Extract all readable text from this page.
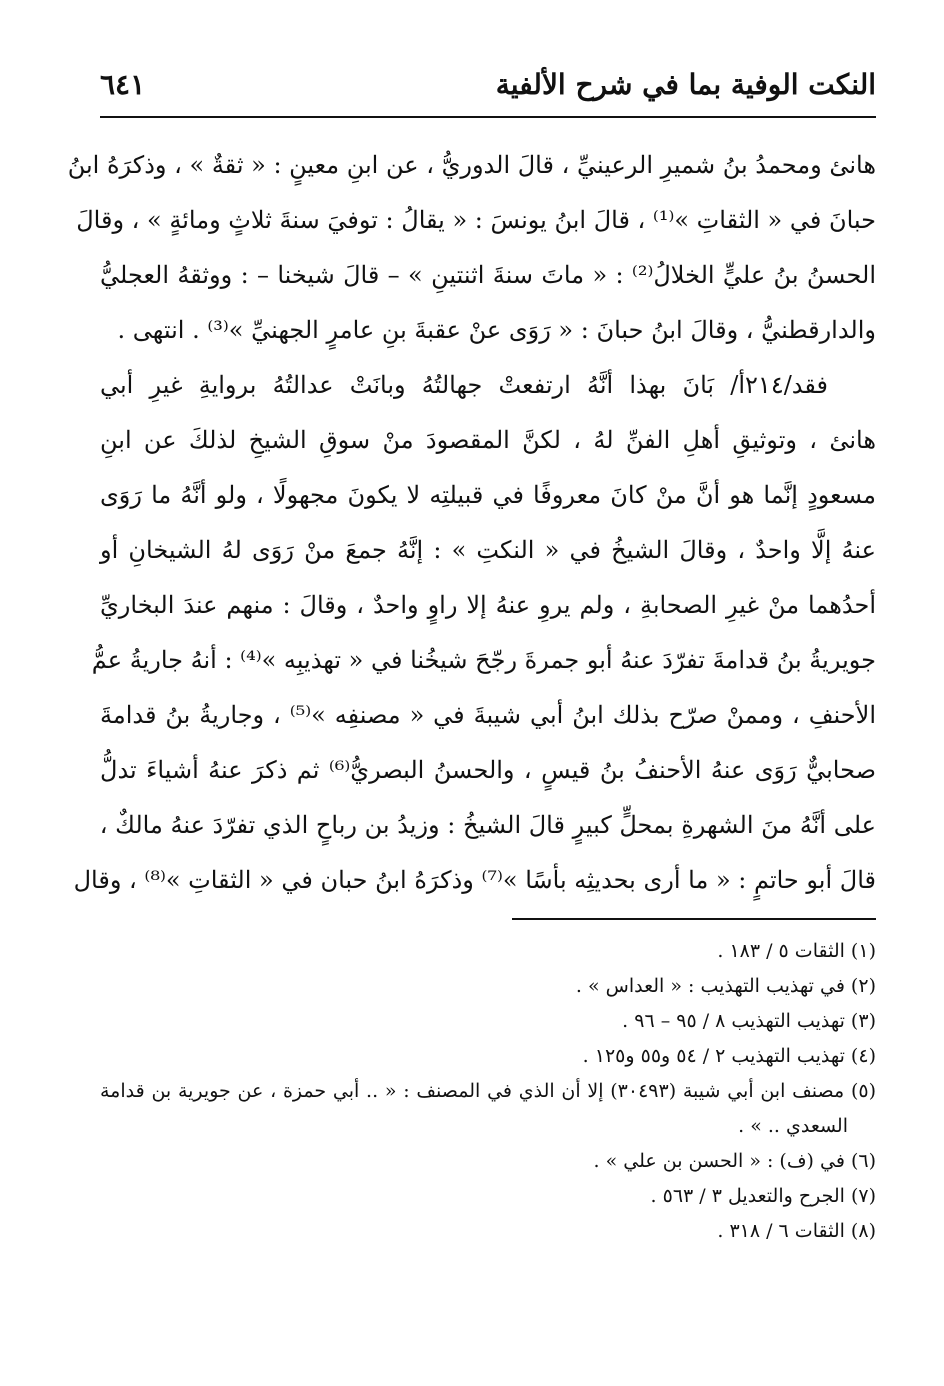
النكت الوفية بما في شرح الألفية
٦٤١
هانئ ومحمدُ بنُ شميرِ الرعينيِّ ، قالَ الدوريُّ ، عن ابنِ معينٍ : « ثقةٌ » ، وذكرَهُ ابنُ
حبانَ في « الثقاتِ »⁽¹⁾ ، قالَ ابنُ يونسَ : « يقالُ : توفيَ سنةَ ثلاثٍ ومائةٍ » ، وقالَ
الحسنُ بنُ عليٍّ الخلالُ⁽²⁾ : « ماتَ سنةَ اثنتينِ » – قالَ شيخنا – : ووثقهُ العجليُّ
والدارقطنيُّ ، وقالَ ابنُ حبانَ : « رَوَى عنْ عقبةَ بنِ عامرٍ الجهنيِّ »⁽³⁾ . انتهى .
فقد/٢١٤أ/ بَانَ بهذا أنَّهُ ارتفعتْ جهالتُهُ وبانَتْ عدالتُهُ بروايةِ غيرِ أبي
هانئ ، وتوثيقِ أهلِ الفنِّ لهُ ، لكنَّ المقصودَ منْ سوقِ الشيخِ لذلكَ عن ابنِ
مسعودٍ إنَّما هو أنَّ منْ كانَ معروفًا في قبيلتِه لا يكونَ مجهولًا ، ولو أنَّهُ ما رَوَى
عنهُ إلَّا واحدٌ ، وقالَ الشيخُ في « النكتِ » : إنَّهُ جمعَ منْ رَوَى لهُ الشيخانِ أو
أحدُهما منْ غيرِ الصحابةِ ، ولم يروِ عنهُ إلا راوٍ واحدٌ ، وقالَ : منهم عندَ البخاريِّ
جويريةُ بنُ قدامةَ تفرّدَ عنهُ أبو جمرةَ رجّحَ شيخُنا في « تهذيبِه »⁽⁴⁾ : أنهُ جاريةُ عمُّ
الأحنفِ ، وممنْ صرّح بذلك ابنُ أبي شيبةَ في « مصنفِه »⁽⁵⁾ ، وجاريةُ بنُ قدامةَ
صحابيٌّ رَوَى عنهُ الأحنفُ بنُ قيسٍ ، والحسنُ البصريُّ⁽⁶⁾ ثم ذكرَ عنهُ أشياءَ تدلُّ
على أنَّهُ منَ الشهرةِ بمحلٍّ كبيرٍ قالَ الشيخُ : وزيدُ بن رباحٍ الذي تفرّدَ عنهُ مالكٌ ،
قالَ أبو حاتمٍ : « ما أرى بحديثِه بأسًا »⁽⁷⁾ وذكرَهُ ابنُ حبان في « الثقاتِ »⁽⁸⁾ ، وقال
(١) الثقات ٥ / ١٨٣ .
(٢) في تهذيب التهذيب : « العداس » .
(٣) تهذيب التهذيب ٨ / ٩٥ – ٩٦ .
(٤) تهذيب التهذيب ٢ / ٥٤ و٥٥ و١٢٥ .
(٥) مصنف ابن أبي شيبة (٣٠٤٩٣) إلا أن الذي في المصنف : « .. أبي حمزة ، عن جويرية بن قدامة
السعدي .. » .
(٦) في (ف) : « الحسن بن علي » .
(٧) الجرح والتعديل ٣ / ٥٦٣ .
(٨) الثقات ٦ / ٣١٨ .
